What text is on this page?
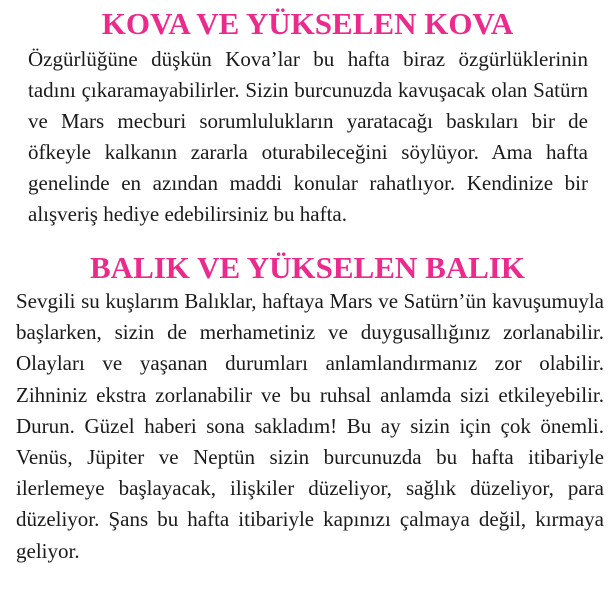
KOVA VE YÜKSELEN KOVA
Özgürlüğüne düşkün Kova’lar bu hafta biraz özgürlüklerinin tadını çıkaramayabilirler. Sizin burcunuzda kavuşacak olan Satürn ve Mars mecburi sorumlulukların yaratacağı baskıları bir de öfkeyle kalkanın zararla oturabileceğini söylüyor. Ama hafta genelinde en azından maddi konular rahatlıyor. Kendinize bir alışveriş hediye edebilirsiniz bu hafta.
BALIK VE YÜKSELEN BALIK
Sevgili su kuşlarım Balıklar, haftaya Mars ve Satürn’ün kavuşumuyla başlarken, sizin de merhametiniz ve duygusallığınız zorlanabilir. Olayları ve yaşanan durumları anlamlandırmanız zor olabilir. Zihniniz ekstra zorlanabilir ve bu ruhsal anlamda sizi etkileyebilir. Durun. Güzel haberi sona sakladım! Bu ay sizin için çok önemli. Venüs, Jüpiter ve Neptün sizin burcunuzda bu hafta itibariyle ilerlemeye başlayacak, ilişkiler düzeliyor, sağlık düzeliyor, para düzeliyor. Şans bu hafta itibariyle kapınızı çalmaya değil, kırmaya geliyor.
